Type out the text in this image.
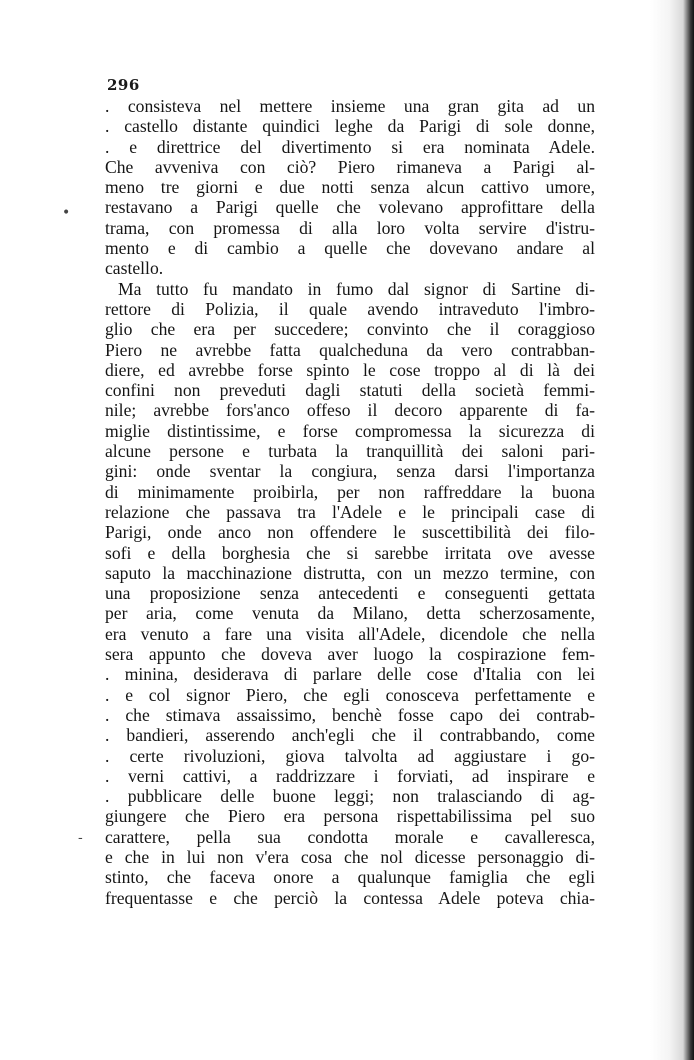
296
•
-
. consisteva nel mettere insieme una gran gita ad un
. castello distante quindici leghe da Parigi di sole donne,
. e direttrice del divertimento si era nominata Adele.
Che avveniva con ciò? Piero rimaneva a Parigi al-
meno tre giorni e due notti senza alcun cattivo umore,
restavano a Parigi quelle che volevano approfittare della
trama, con promessa di alla loro volta servire d'istru-
mento e di cambio a quelle che dovevano andare al
castello.
Ma tutto fu mandato in fumo dal signor di Sartine di-
rettore di Polizia, il quale avendo intraveduto l'imbro-
glio che era per succedere; convinto che il coraggioso
Piero ne avrebbe fatta qualcheduna da vero contrabban-
diere, ed avrebbe forse spinto le cose troppo al di là dei
confini non preveduti dagli statuti della società femmi-
nile; avrebbe fors'anco offeso il decoro apparente di fa-
miglie distintissime, e forse compromessa la sicurezza di
alcune persone e turbata la tranquillità dei saloni pari-
gini: onde sventar la congiura, senza darsi l'importanza
di minimamente proibirla, per non raffreddare la buona
relazione che passava tra l'Adele e le principali case di
Parigi, onde anco non offendere le suscettibilità dei filo-
sofi e della borghesia che si sarebbe irritata ove avesse
saputo la macchinazione distrutta, con un mezzo termine, con
una proposizione senza antecedenti e conseguenti gettata
per aria, come venuta da Milano, detta scherzosamente,
era venuto a fare una visita all'Adele, dicendole che nella
sera appunto che doveva aver luogo la cospirazione fem-
. minina, desiderava di parlare delle cose d'Italia con lei
. e col signor Piero, che egli conosceva perfettamente e
. che stimava assaissimo, benchè fosse capo dei contrab-
. bandieri, asserendo anch'egli che il contrabbando, come
. certe rivoluzioni, giova talvolta ad aggiustare i go-
. verni cattivi, a raddrizzare i forviati, ad inspirare e
. pubblicare delle buone leggi; non tralasciando di ag-
giungere che Piero era persona rispettabilissima pel suo
carattere, pella sua condotta morale e cavalleresca,
e che in lui non v'era cosa che nol dicesse personaggio di-
stinto, che faceva onore a qualunque famiglia che egli
frequentasse e che perciò la contessa Adele poteva chia-
